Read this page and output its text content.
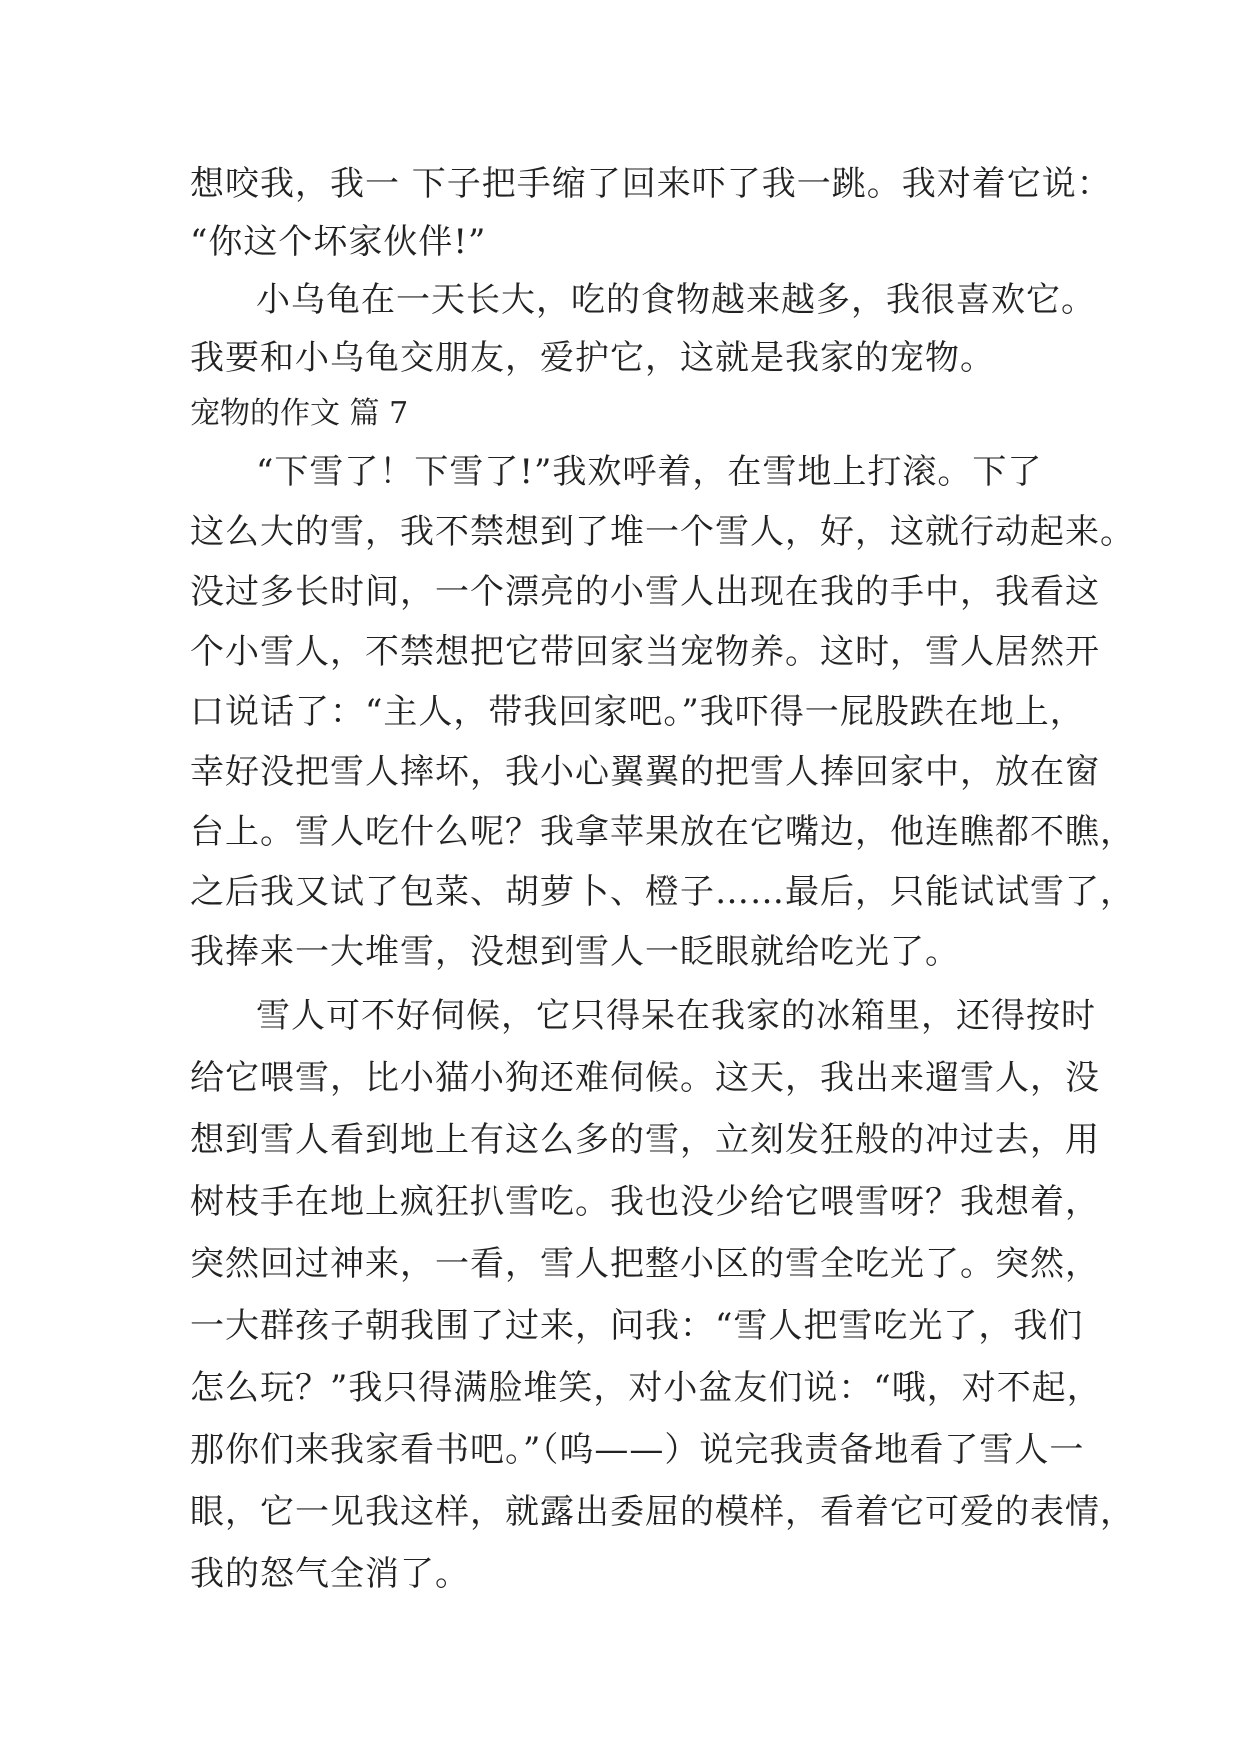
想咬我，我一 下子把手缩了回来吓了我一跳。我对着它说：
“你这个坏家伙伴!”
小乌龟在一天长大，吃的食物越来越多，我很喜欢它。
我要和小乌龟交朋友，爱护它，这就是我家的宠物。
宠物的作文 篇 7
“下雪了！下雪了!”我欢呼着，在雪地上打滚。下了
这么大的雪，我不禁想到了堆一个雪人，好，这就行动起来。
没过多长时间，一个漂亮的小雪人出现在我的手中，我看这
个小雪人，不禁想把它带回家当宠物养。这时，雪人居然开
口说话了：“主人，带我回家吧。”我吓得一屁股跌在地上，
幸好没把雪人摔坏，我小心翼翼的把雪人捧回家中，放在窗
台上。雪人吃什么呢？我拿苹果放在它嘴边，他连瞧都不瞧，
之后我又试了包菜、胡萝卜、橙子……最后，只能试试雪了，
我捧来一大堆雪，没想到雪人一眨眼就给吃光了。
雪人可不好伺候，它只得呆在我家的冰箱里，还得按时
给它喂雪，比小猫小狗还难伺候。这天，我出来遛雪人，没
想到雪人看到地上有这么多的雪，立刻发狂般的冲过去，用
树枝手在地上疯狂扒雪吃。我也没少给它喂雪呀？我想着，
突然回过神来，一看，雪人把整小区的雪全吃光了。突然，
一大群孩子朝我围了过来，问我：“雪人把雪吃光了，我们
怎么玩？”我只得满脸堆笑，对小盆友们说：“哦，对不起，
那你们来我家看书吧。”（呜——）说完我责备地看了雪人一
眼，它一见我这样，就露出委屈的模样，看着它可爱的表情，
我的怒气全消了。
